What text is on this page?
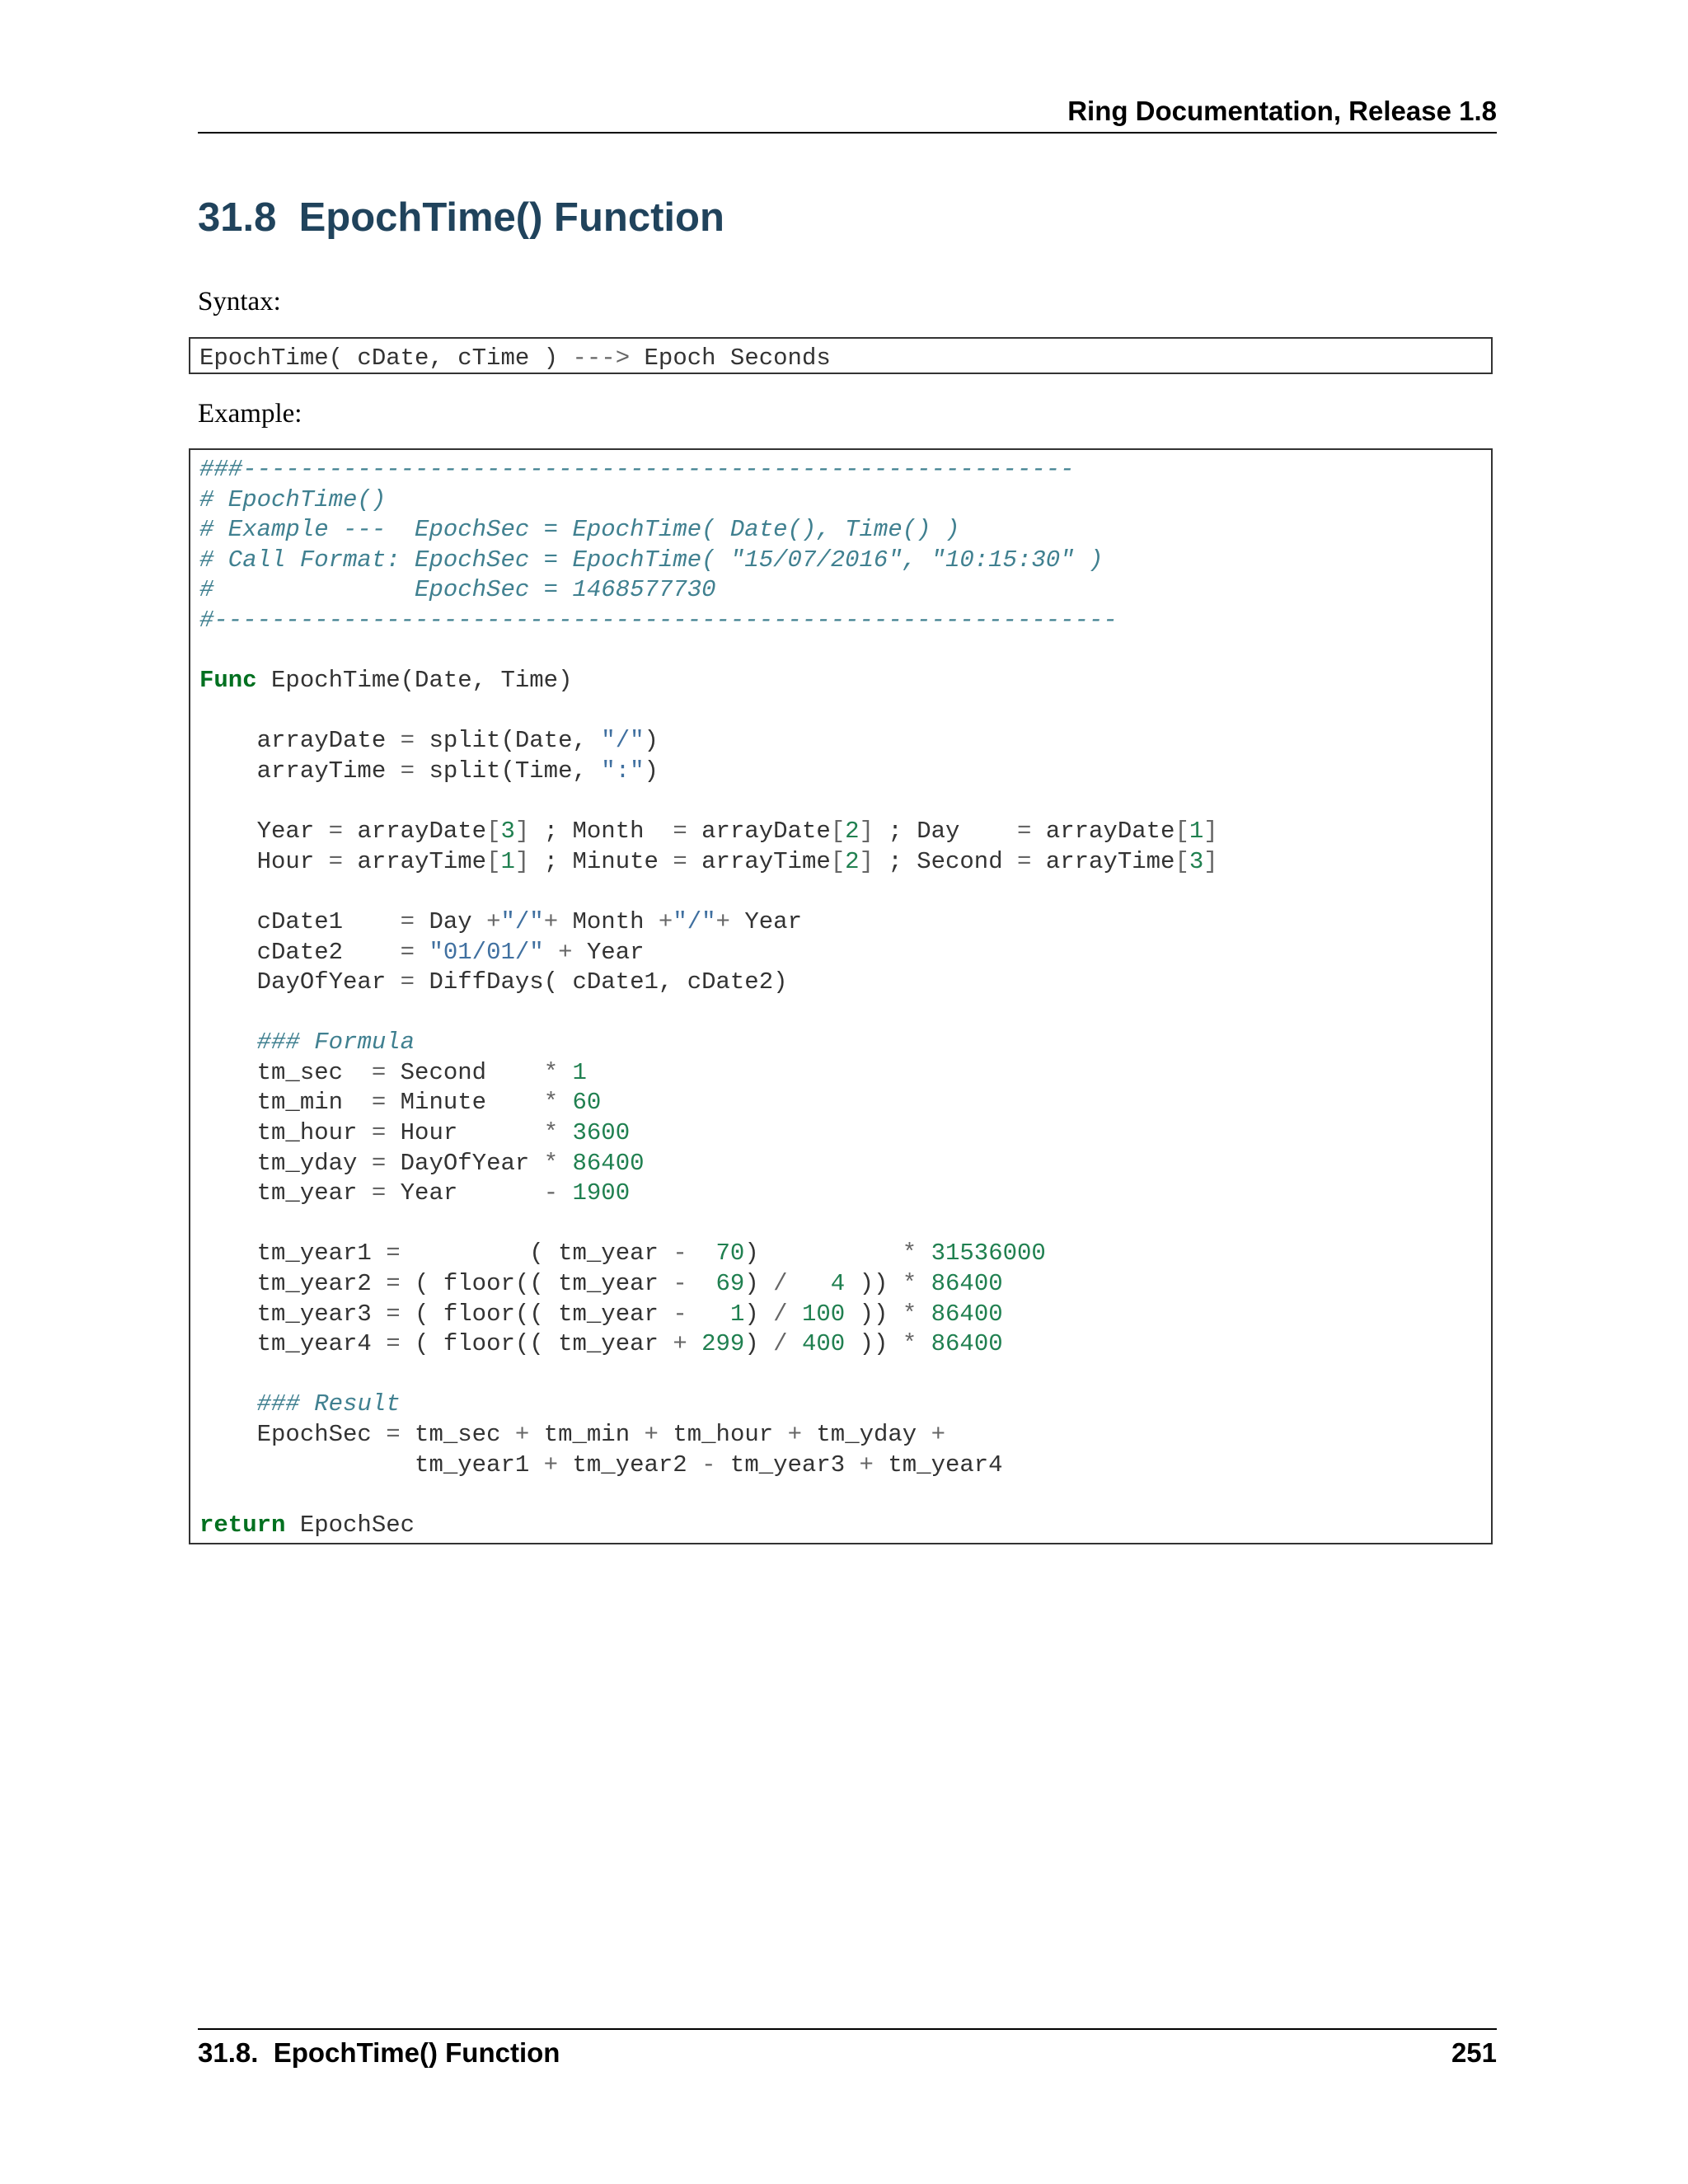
Ring Documentation, Release 1.8
31.8  EpochTime() Function
Syntax:
EpochTime( cDate, cTime ) ---> Epoch Seconds

Example:
###----------------------------------------------------------
# EpochTime()
# Example ---  EpochSec = EpochTime( Date(), Time() )
# Call Format: EpochSec = EpochTime( "15/07/2016", "10:15:30" )
#              EpochSec = 1468577730
#---------------------------------------------------------------

Func EpochTime(Date, Time)

arrayDate = split(Date, "/")
arrayTime = split(Time, ":")

Year = arrayDate[3] ; Month  = arrayDate[2] ; Day    = arrayDate[1]
Hour = arrayTime[1] ; Minute = arrayTime[2] ; Second = arrayTime[3]

cDate1    = Day +"/"+ Month +"/"+ Year
cDate2    = "01/01/" + Year
DayOfYear = DiffDays( cDate1, cDate2)

### Formula
tm_sec  = Second    * 1
tm_min  = Minute    * 60
tm_hour = Hour      * 3600
tm_yday = DayOfYear * 86400
tm_year = Year      - 1900

tm_year1 =         ( tm_year - 70)          * 31536000
tm_year2 = ( floor(( tm_year - 69) / 4 )) * 86400
tm_year3 = ( floor(( tm_year - 1) / 100 )) * 86400
tm_year4 = ( floor(( tm_year + 299) / 400 )) * 86400

### Result
EpochSec = tm_sec + tm_min + tm_hour + tm_yday +
tm_year1 + tm_year2 - tm_year3 + tm_year4

return EpochSec

31.8.  EpochTime() Function	251
